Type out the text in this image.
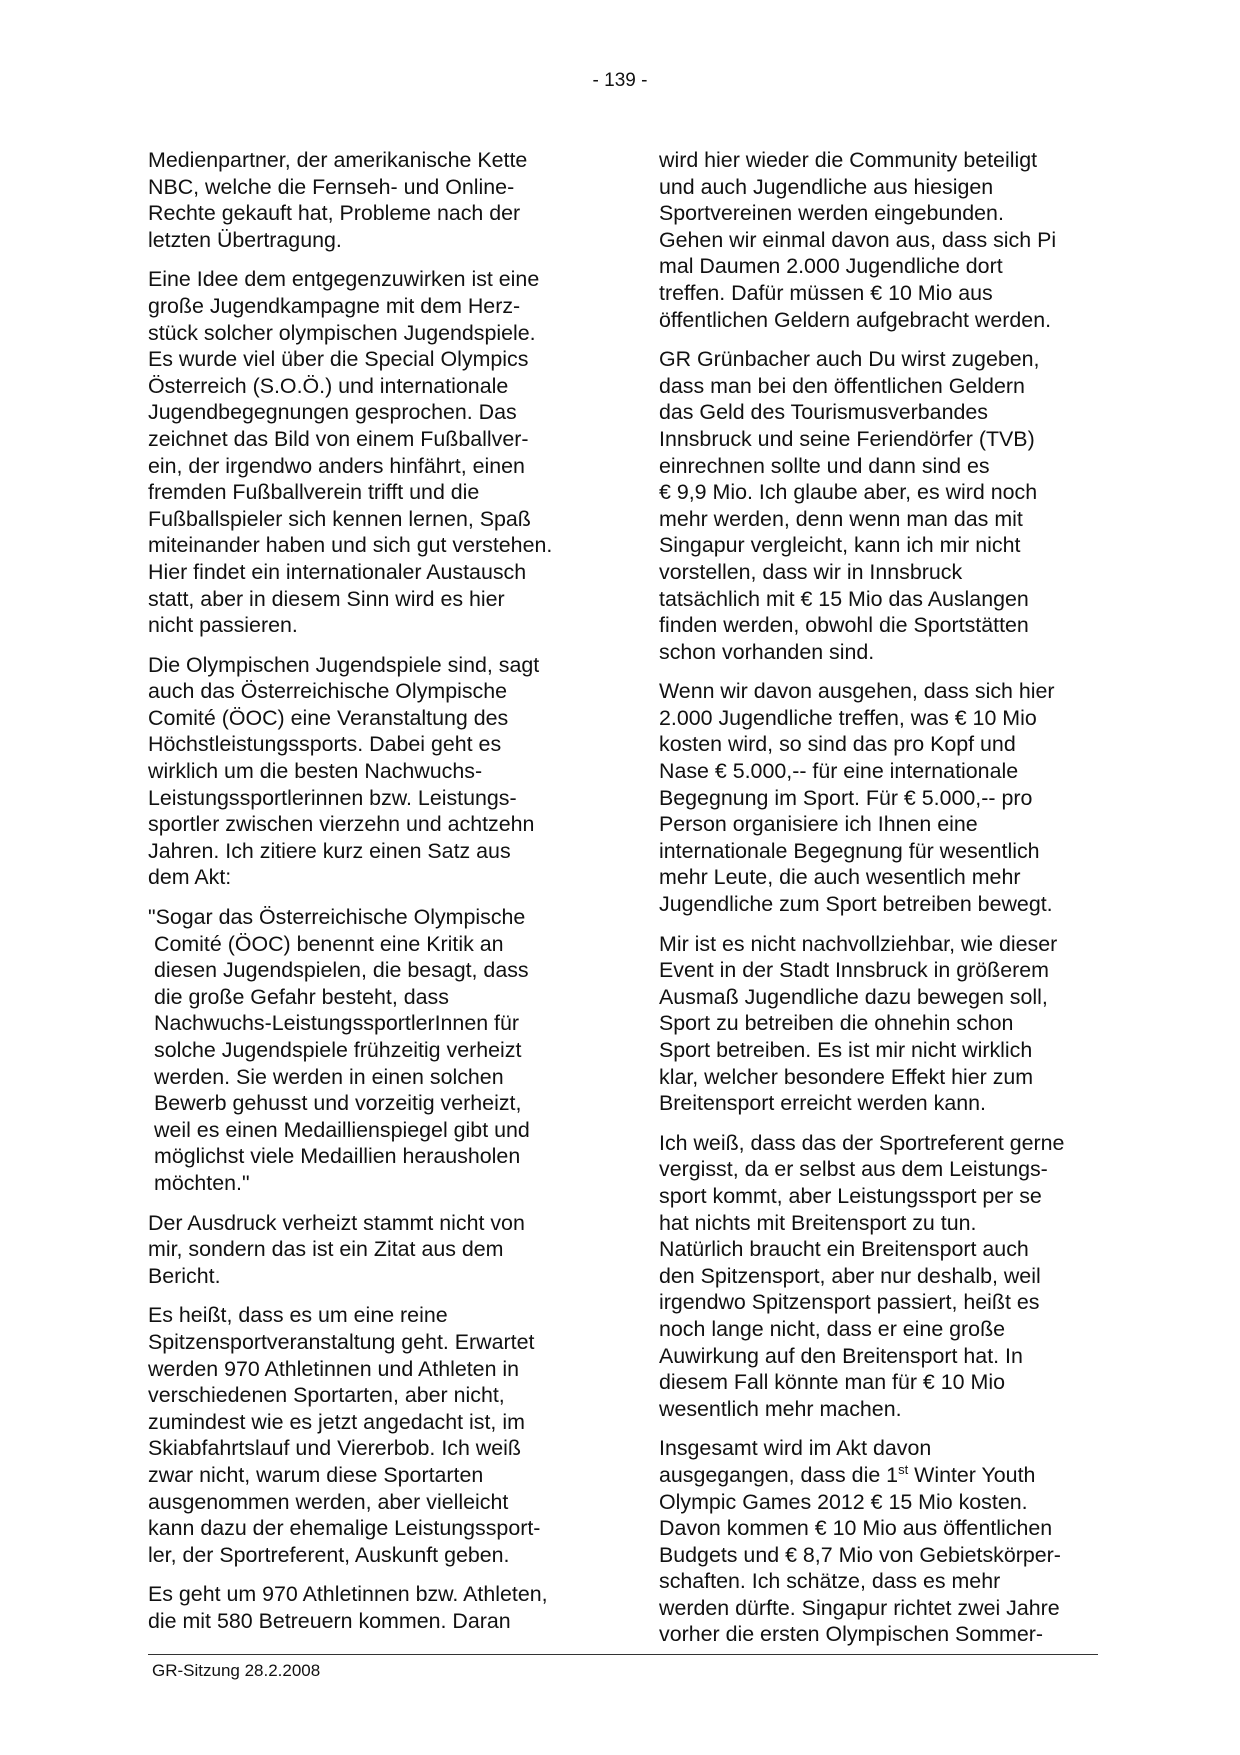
- 139 -

Medienpartner, der amerikanische Kette
NBC, welche die Fernseh- und Online-
Rechte gekauft hat, Probleme nach der
letzten Übertragung.

Eine Idee dem entgegenzuwirken ist eine
große Jugendkampagne mit dem Herz-
stück solcher olympischen Jugendspiele.
Es wurde viel über die Special Olympics
Österreich (S.O.Ö.) und internationale
Jugendbegegnungen gesprochen. Das
zeichnet das Bild von einem Fußballver-
ein, der irgendwo anders hinfährt, einen
fremden Fußballverein trifft und die
Fußballspieler sich kennen lernen, Spaß
miteinander haben und sich gut verstehen.
Hier findet ein internationaler Austausch
statt, aber in diesem Sinn wird es hier
nicht passieren.

Die Olympischen Jugendspiele sind, sagt
auch das Österreichische Olympische
Comité (ÖOC) eine Veranstaltung des
Höchstleistungssports. Dabei geht es
wirklich um die besten Nachwuchs-
Leistungssportlerinnen bzw. Leistungs-
sportler zwischen vierzehn und achtzehn
Jahren. Ich zitiere kurz einen Satz aus
dem Akt:

"Sogar das Österreichische Olympische
Comité (ÖOC) benennt eine Kritik an
diesen Jugendspielen, die besagt, dass
die große Gefahr besteht, dass
Nachwuchs-LeistungssportlerInnen für
solche Jugendspiele frühzeitig verheizt
werden. Sie werden in einen solchen
Bewerb gehusst und vorzeitig verheizt,
weil es einen Medaillienspiegel gibt und
möglichst viele Medaillien herausholen
möchten."

Der Ausdruck verheizt stammt nicht von
mir, sondern das ist ein Zitat aus dem
Bericht.

Es heißt, dass es um eine reine
Spitzensportveranstaltung geht. Erwartet
werden 970 Athletinnen und Athleten in
verschiedenen Sportarten, aber nicht,
zumindest wie es jetzt angedacht ist, im
Skiabfahrtslauf und Viererbob. Ich weiß
zwar nicht, warum diese Sportarten
ausgenommen werden, aber vielleicht
kann dazu der ehemalige Leistungssport-
ler, der Sportreferent, Auskunft geben.

Es geht um 970 Athletinnen bzw. Athleten,
die mit 580 Betreuern kommen. Daran

wird hier wieder die Community beteiligt
und auch Jugendliche aus hiesigen
Sportvereinen werden eingebunden.
Gehen wir einmal davon aus, dass sich Pi
mal Daumen 2.000 Jugendliche dort
treffen. Dafür müssen € 10 Mio aus
öffentlichen Geldern aufgebracht werden.

GR Grünbacher auch Du wirst zugeben,
dass man bei den öffentlichen Geldern
das Geld des Tourismusverbandes
Innsbruck und seine Feriendörfer (TVB)
einrechnen sollte und dann sind es
€ 9,9 Mio. Ich glaube aber, es wird noch
mehr werden, denn wenn man das mit
Singapur vergleicht, kann ich mir nicht
vorstellen, dass wir in Innsbruck
tatsächlich mit € 15 Mio das Auslangen
finden werden, obwohl die Sportstätten
schon vorhanden sind.

Wenn wir davon ausgehen, dass sich hier
2.000 Jugendliche treffen, was € 10 Mio
kosten wird, so sind das pro Kopf und
Nase € 5.000,-- für eine internationale
Begegnung im Sport. Für € 5.000,-- pro
Person organisiere ich Ihnen eine
internationale Begegnung für wesentlich
mehr Leute, die auch wesentlich mehr
Jugendliche zum Sport betreiben bewegt.

Mir ist es nicht nachvollziehbar, wie dieser
Event in der Stadt Innsbruck in größerem
Ausmaß Jugendliche dazu bewegen soll,
Sport zu betreiben die ohnehin schon
Sport betreiben. Es ist mir nicht wirklich
klar, welcher besondere Effekt hier zum
Breitensport erreicht werden kann.

Ich weiß, dass das der Sportreferent gerne
vergisst, da er selbst aus dem Leistungs-
sport kommt, aber Leistungssport per se
hat nichts mit Breitensport zu tun.
Natürlich braucht ein Breitensport auch
den Spitzensport, aber nur deshalb, weil
irgendwo Spitzensport passiert, heißt es
noch lange nicht, dass er eine große
Auwirkung auf den Breitensport hat. In
diesem Fall könnte man für € 10 Mio
wesentlich mehr machen.

Insgesamt wird im Akt davon
ausgegangen, dass die 1st Winter Youth
Olympic Games 2012 € 15 Mio kosten.
Davon kommen € 10 Mio aus öffentlichen
Budgets und € 8,7 Mio von Gebietskörper-
schaften. Ich schätze, dass es mehr
werden dürfte. Singapur richtet zwei Jahre
vorher die ersten Olympischen Sommer-

GR-Sitzung 28.2.2008
